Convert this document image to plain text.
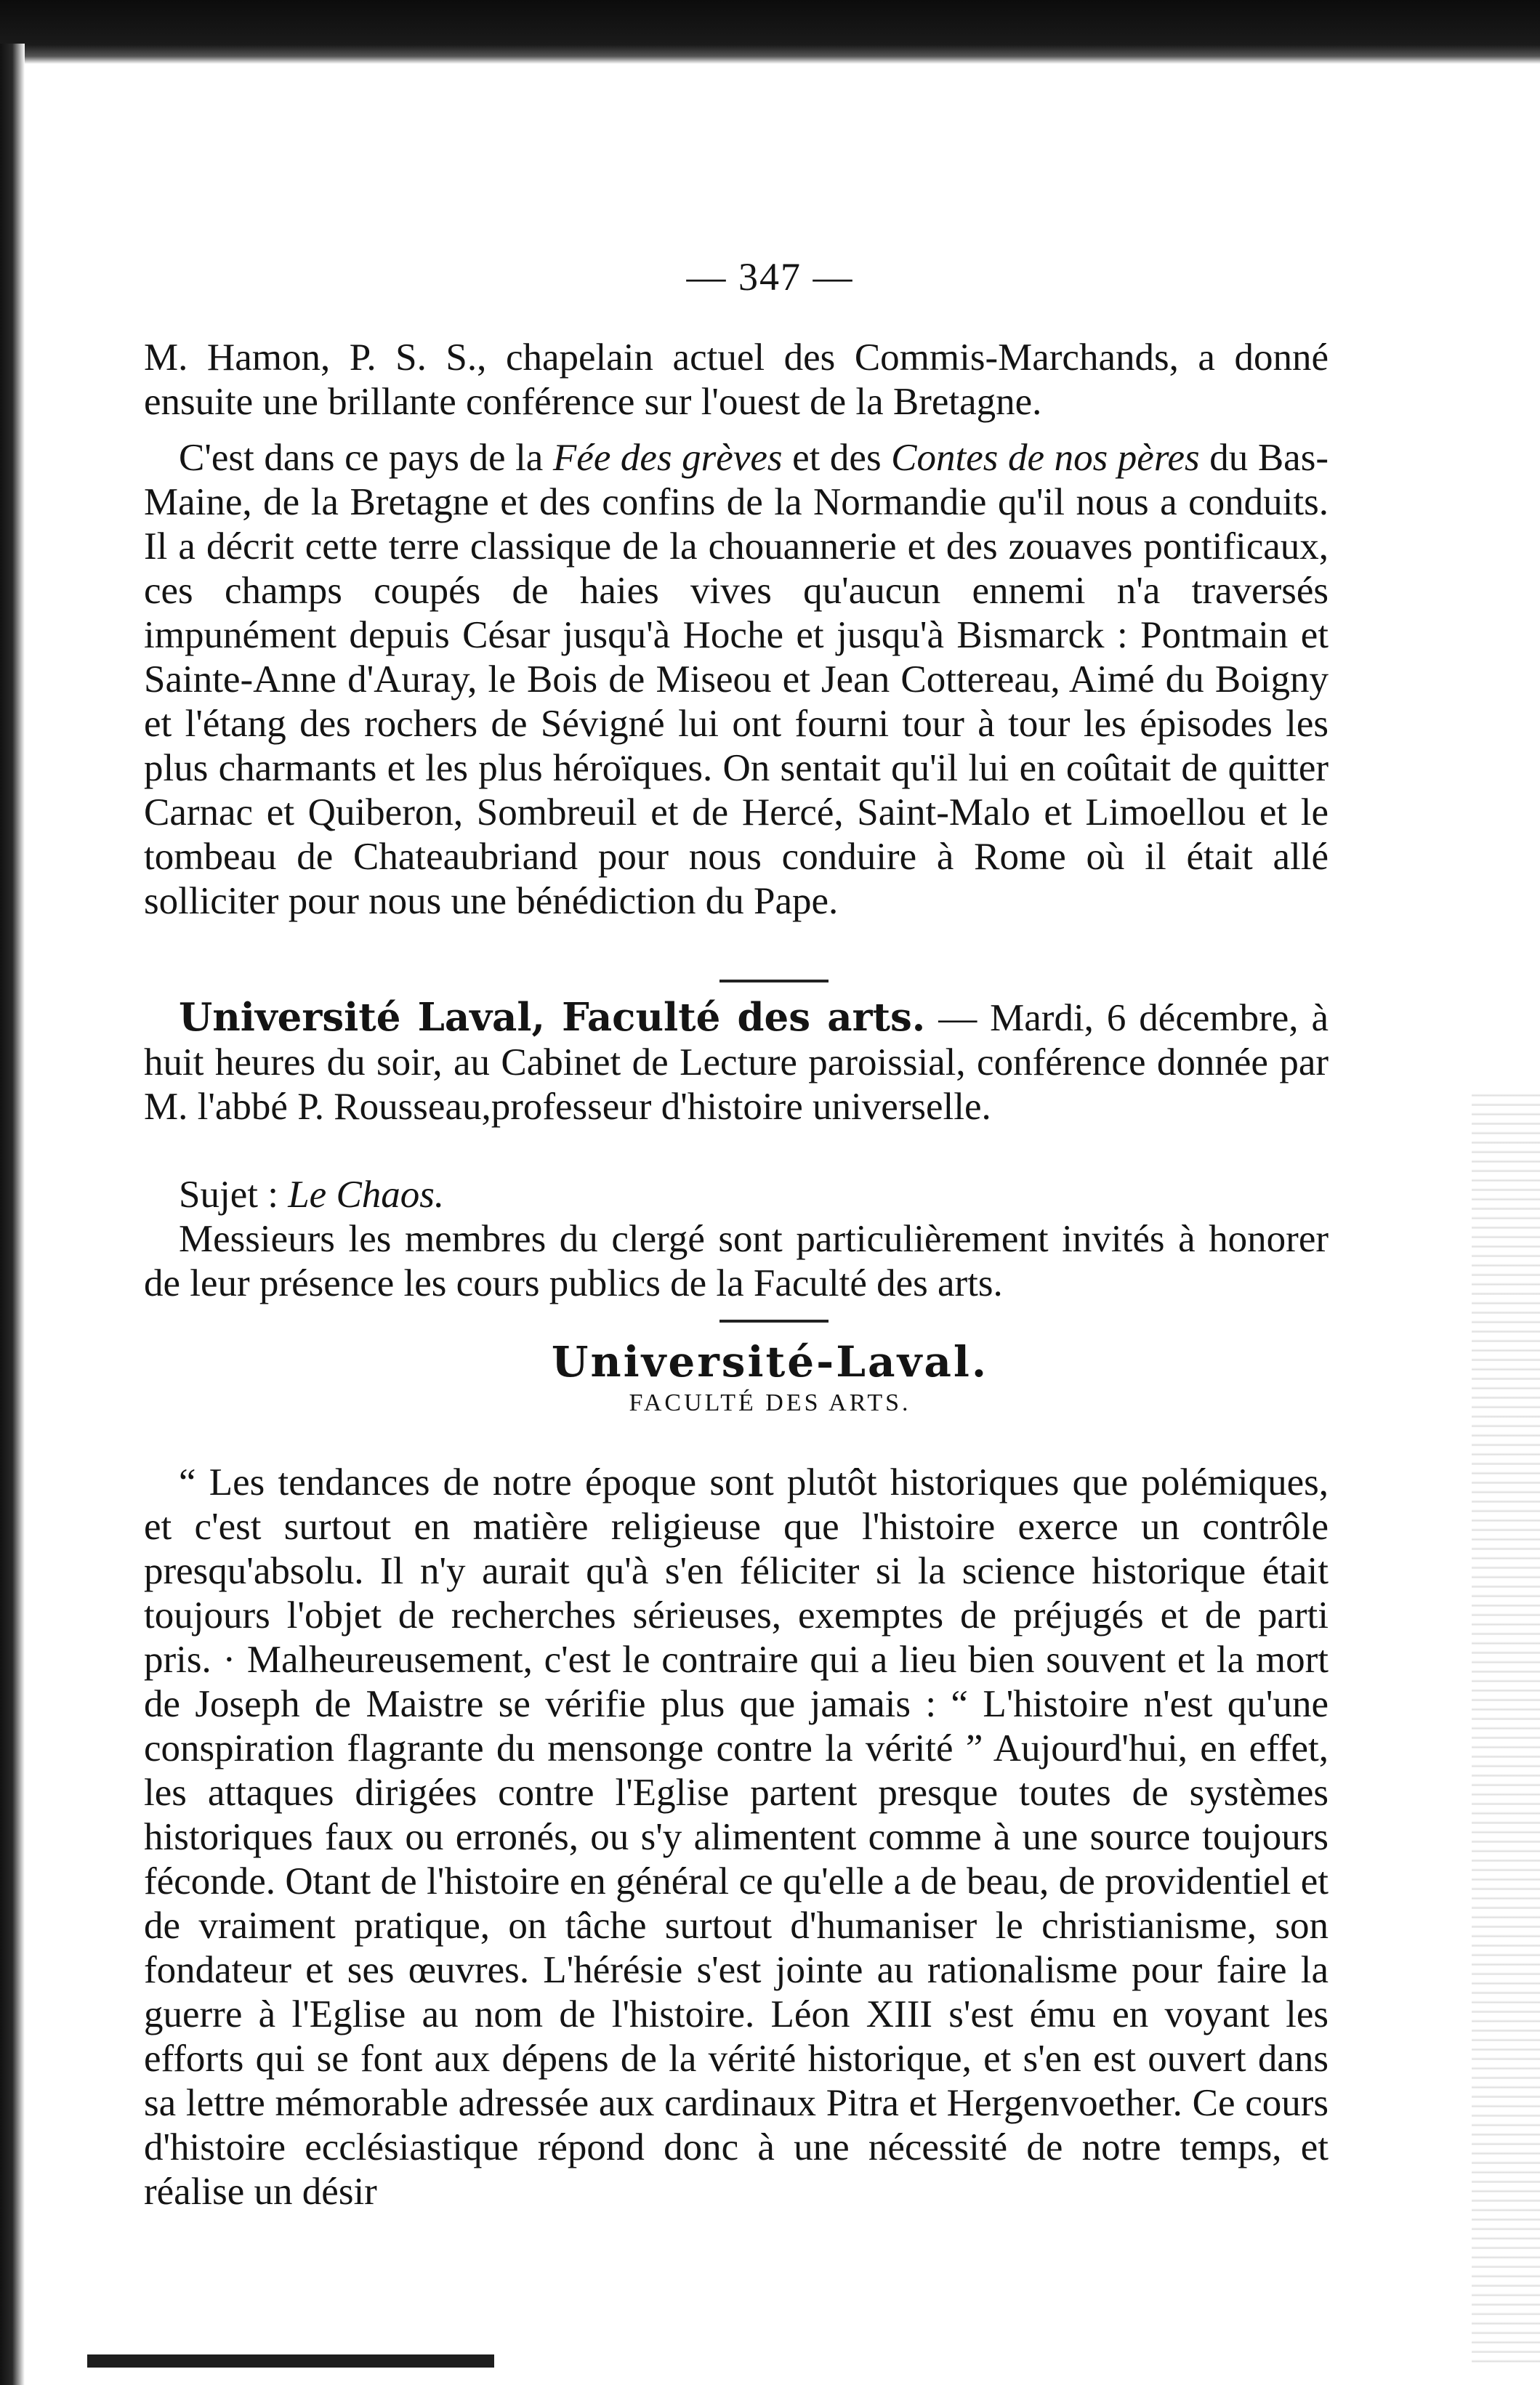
— 347 —

M. Hamon, P. S. S., chapelain actuel des Commis-Marchands, a donné ensuite une brillante conférence sur l'ouest de la Bretagne.

C'est dans ce pays de la Fée des grèves et des Contes de nos pères du Bas-Maine, de la Bretagne et des confins de la Normandie qu'il nous a conduits. Il a décrit cette terre classique de la chouannerie et des zouaves pontificaux, ces champs coupés de haies vives qu'aucun ennemi n'a traversés impunément depuis César jusqu'à Hoche et jusqu'à Bismarck : Pontmain et Sainte-Anne d'Auray, le Bois de Miseou et Jean Cottereau, Aimé du Boigny et l'étang des rochers de Sévigné lui ont fourni tour à tour les épisodes les plus charmants et les plus héroïques. On sentait qu'il lui en coûtait de quitter Carnac et Quiberon, Sombreuil et de Hercé, Saint-Malo et Limoellou et le tombeau de Chateaubriand pour nous conduire à Rome où il était allé solliciter pour nous une bénédiction du Pape.

Université Laval, Faculté des arts. — Mardi, 6 décembre, à huit heures du soir, au Cabinet de Lecture paroissial, conférence donnée par M. l'abbé P. Rousseau,professeur d'histoire universelle.

Sujet : Le Chaos.

Messieurs les membres du clergé sont particulièrement invités à honorer de leur présence les cours publics de la Faculté des arts.

Université-Laval.
FACULTÉ DES ARTS.

“ Les tendances de notre époque sont plutôt historiques que polémiques, et c'est surtout en matière religieuse que l'histoire exerce un contrôle presqu'absolu. Il n'y aurait qu'à s'en féliciter si la science historique était toujours l'objet de recherches sérieuses, exemptes de préjugés et de parti pris. · Malheureusement, c'est le contraire qui a lieu bien souvent et la mort de Joseph de Maistre se vérifie plus que jamais : “ L'histoire n'est qu'une conspiration flagrante du mensonge contre la vérité ” Aujourd'hui, en effet, les attaques dirigées contre l'Eglise partent presque toutes de systèmes historiques faux ou erronés, ou s'y alimentent comme à une source toujours féconde. Otant de l'histoire en général ce qu'elle a de beau, de providentiel et de vraiment pratique, on tâche surtout d'humaniser le christianisme, son fondateur et ses œuvres. L'hérésie s'est jointe au rationalisme pour faire la guerre à l'Eglise au nom de l'histoire. Léon XIII s'est ému en voyant les efforts qui se font aux dépens de la vérité historique, et s'en est ouvert dans sa lettre mémorable adressée aux cardinaux Pitra et Hergenvoether. Ce cours d'histoire ecclésiastique répond donc à une nécessité de notre temps, et réalise un désir
